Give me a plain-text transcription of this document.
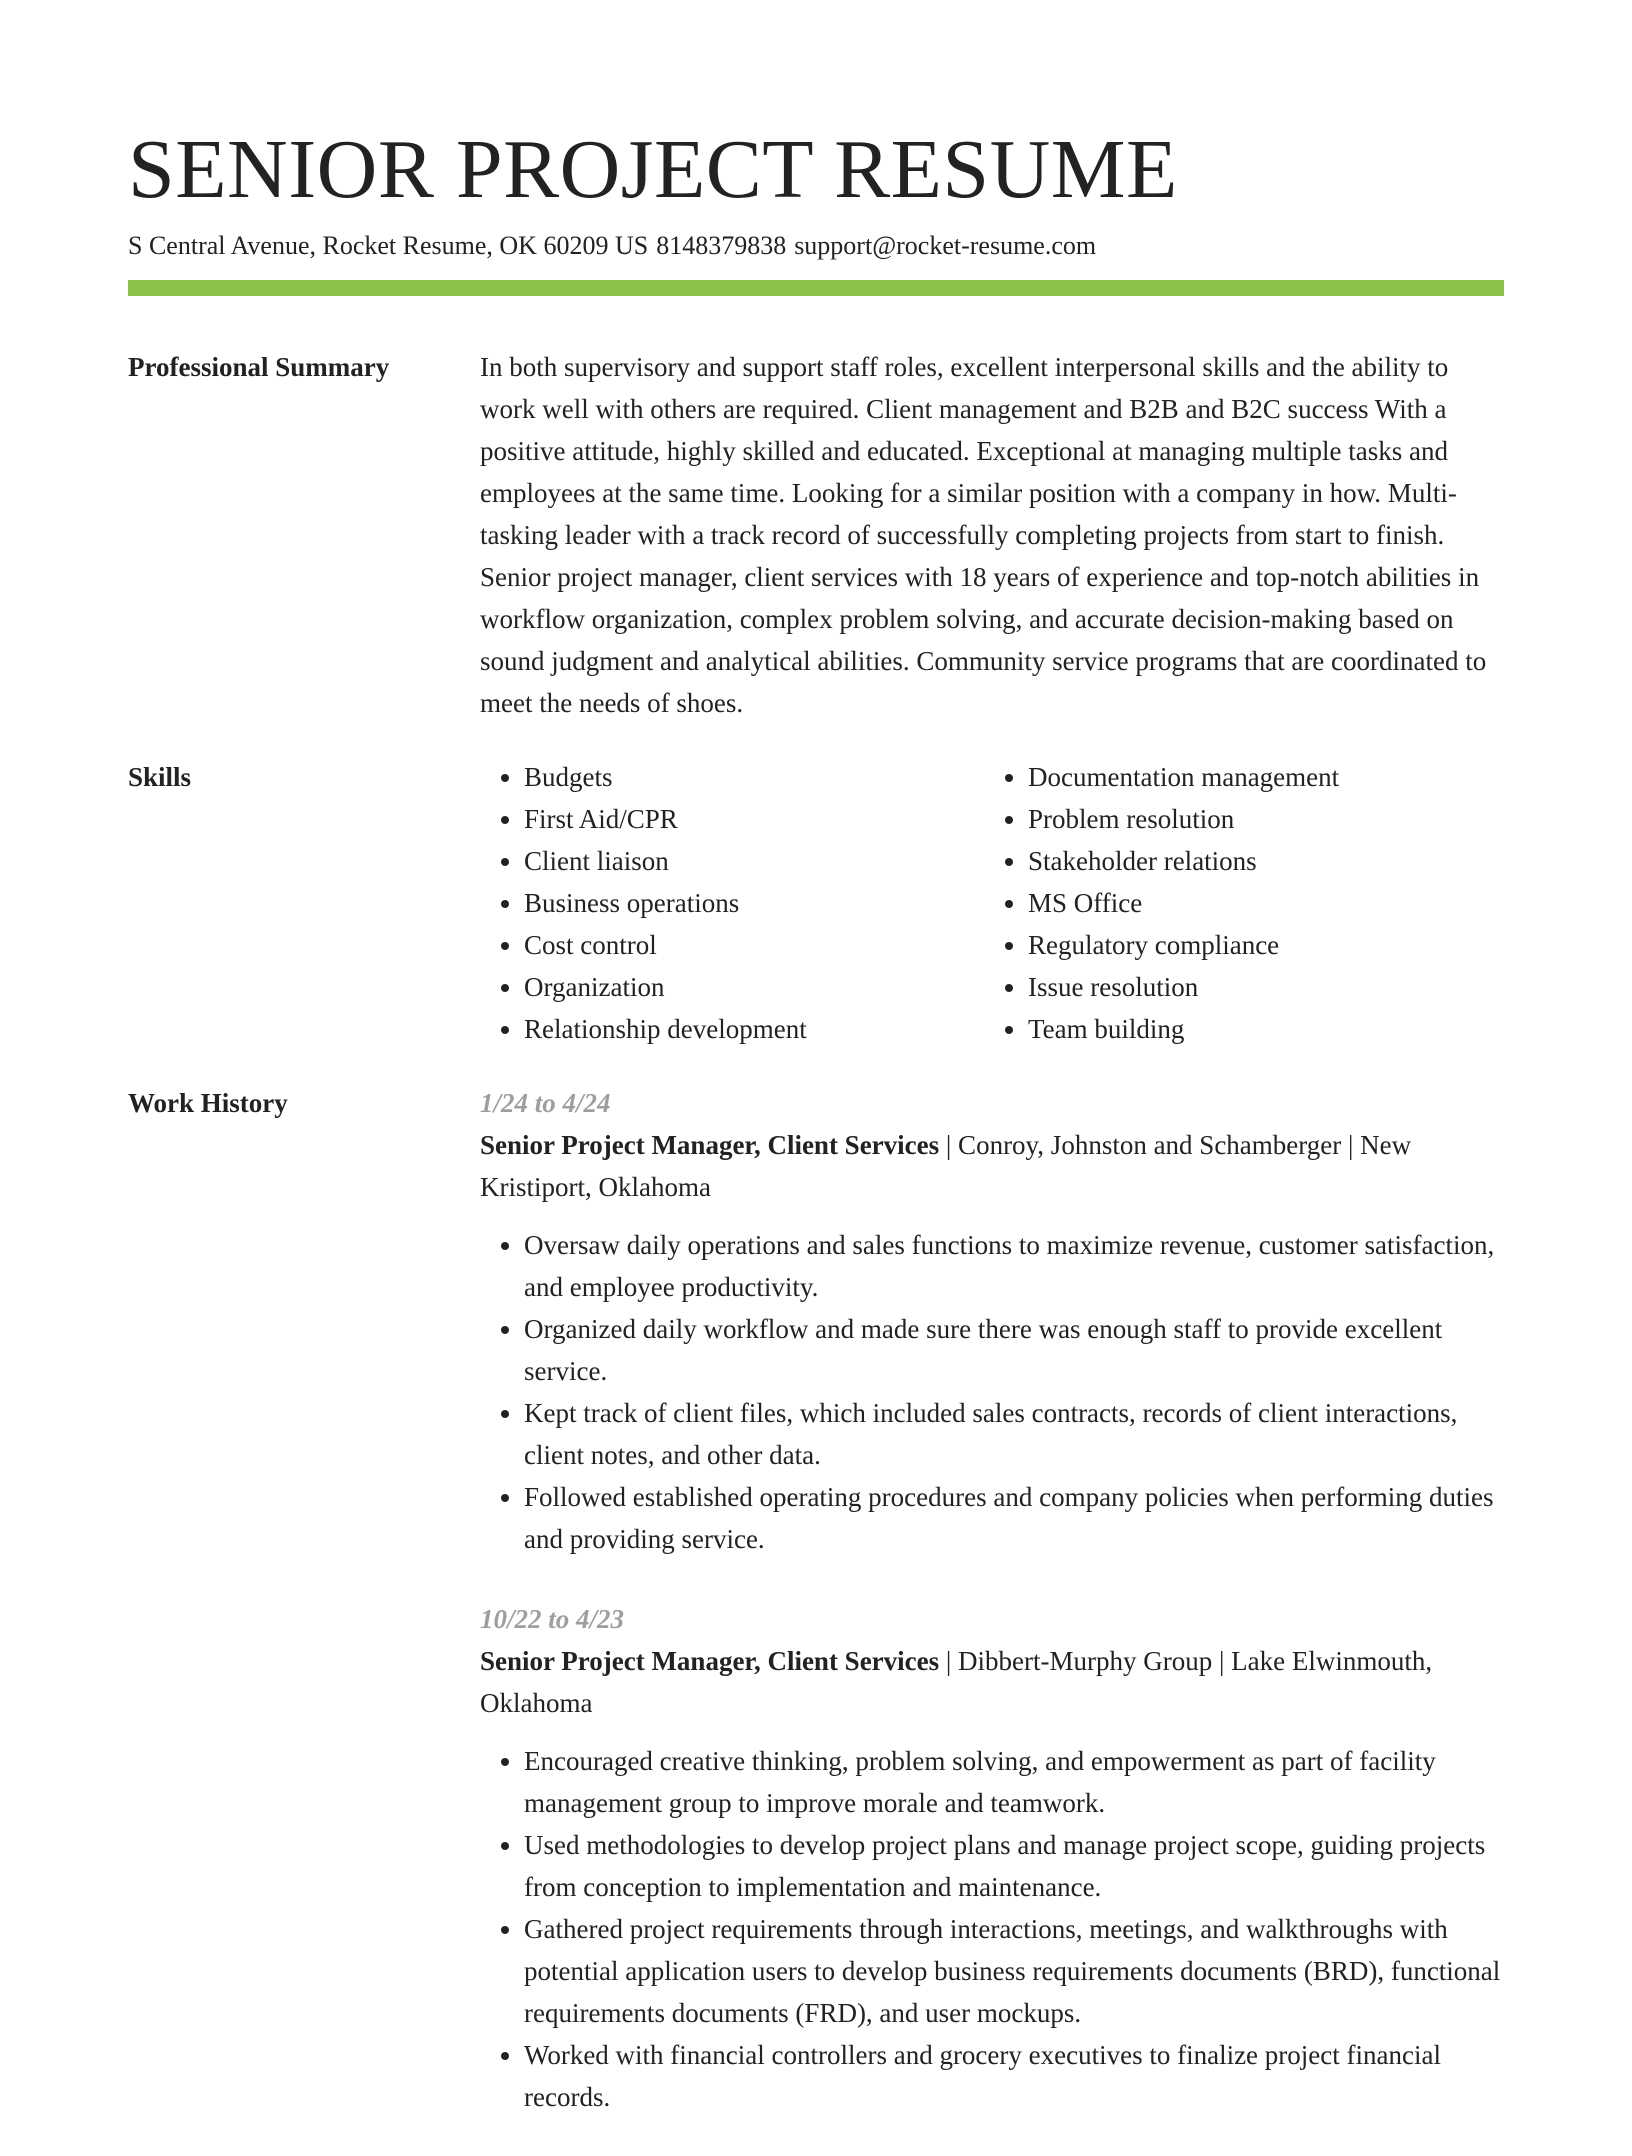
SENIOR PROJECT RESUME
S Central Avenue, Rocket Resume, OK 60209 US 8148379838 support@rocket-resume.com
Professional Summary	In both supervisory and support staff roles, excellent interpersonal skills and the ability to work well with others are required. Client management and B2B and B2C success With a positive attitude, highly skilled and educated. Exceptional at managing multiple tasks and employees at the same time. Looking for a similar position with a company in how. Multi-tasking leader with a track record of successfully completing projects from start to finish. Senior project manager, client services with 18 years of experience and top-notch abilities in workflow organization, complex problem solving, and accurate decision-making based on sound judgment and analytical abilities. Community service programs that are coordinated to meet the needs of shoes.

Skills
•	Budgets
• First Aid/CPR
• Client liaison
• Business operations
• Cost control
• Organization
• Relationship development
• Documentation management
• Problem resolution
• Stakeholder relations
• MS Office
• Regulatory compliance
• Issue resolution
• Team building
Work History	1/24 to 4/24

Senior Project Manager, Client Services | Conroy, Johnston and Schamberger | New Kristiport, Oklahoma

• Oversaw daily operations and sales functions to maximize revenue, customer satisfaction, and employee productivity.
• Organized daily workflow and made sure there was enough staff to provide excellent service.
• Kept track of client files, which included sales contracts, records of client interactions, client notes, and other data.
• Followed established operating procedures and company policies when performing duties and providing service.
10/22 to 4/23

Senior Project Manager, Client Services | Dibbert-Murphy Group | Lake Elwinmouth, Oklahoma

• Encouraged creative thinking, problem solving, and empowerment as part of facility management group to improve morale and teamwork.
• Used methodologies to develop project plans and manage project scope, guiding projects from conception to implementation and maintenance.
• Gathered project requirements through interactions, meetings, and walkthroughs with potential application users to develop business requirements documents (BRD), functional requirements documents (FRD), and user mockups.
• Worked with financial controllers and grocery executives to finalize project financial records.
